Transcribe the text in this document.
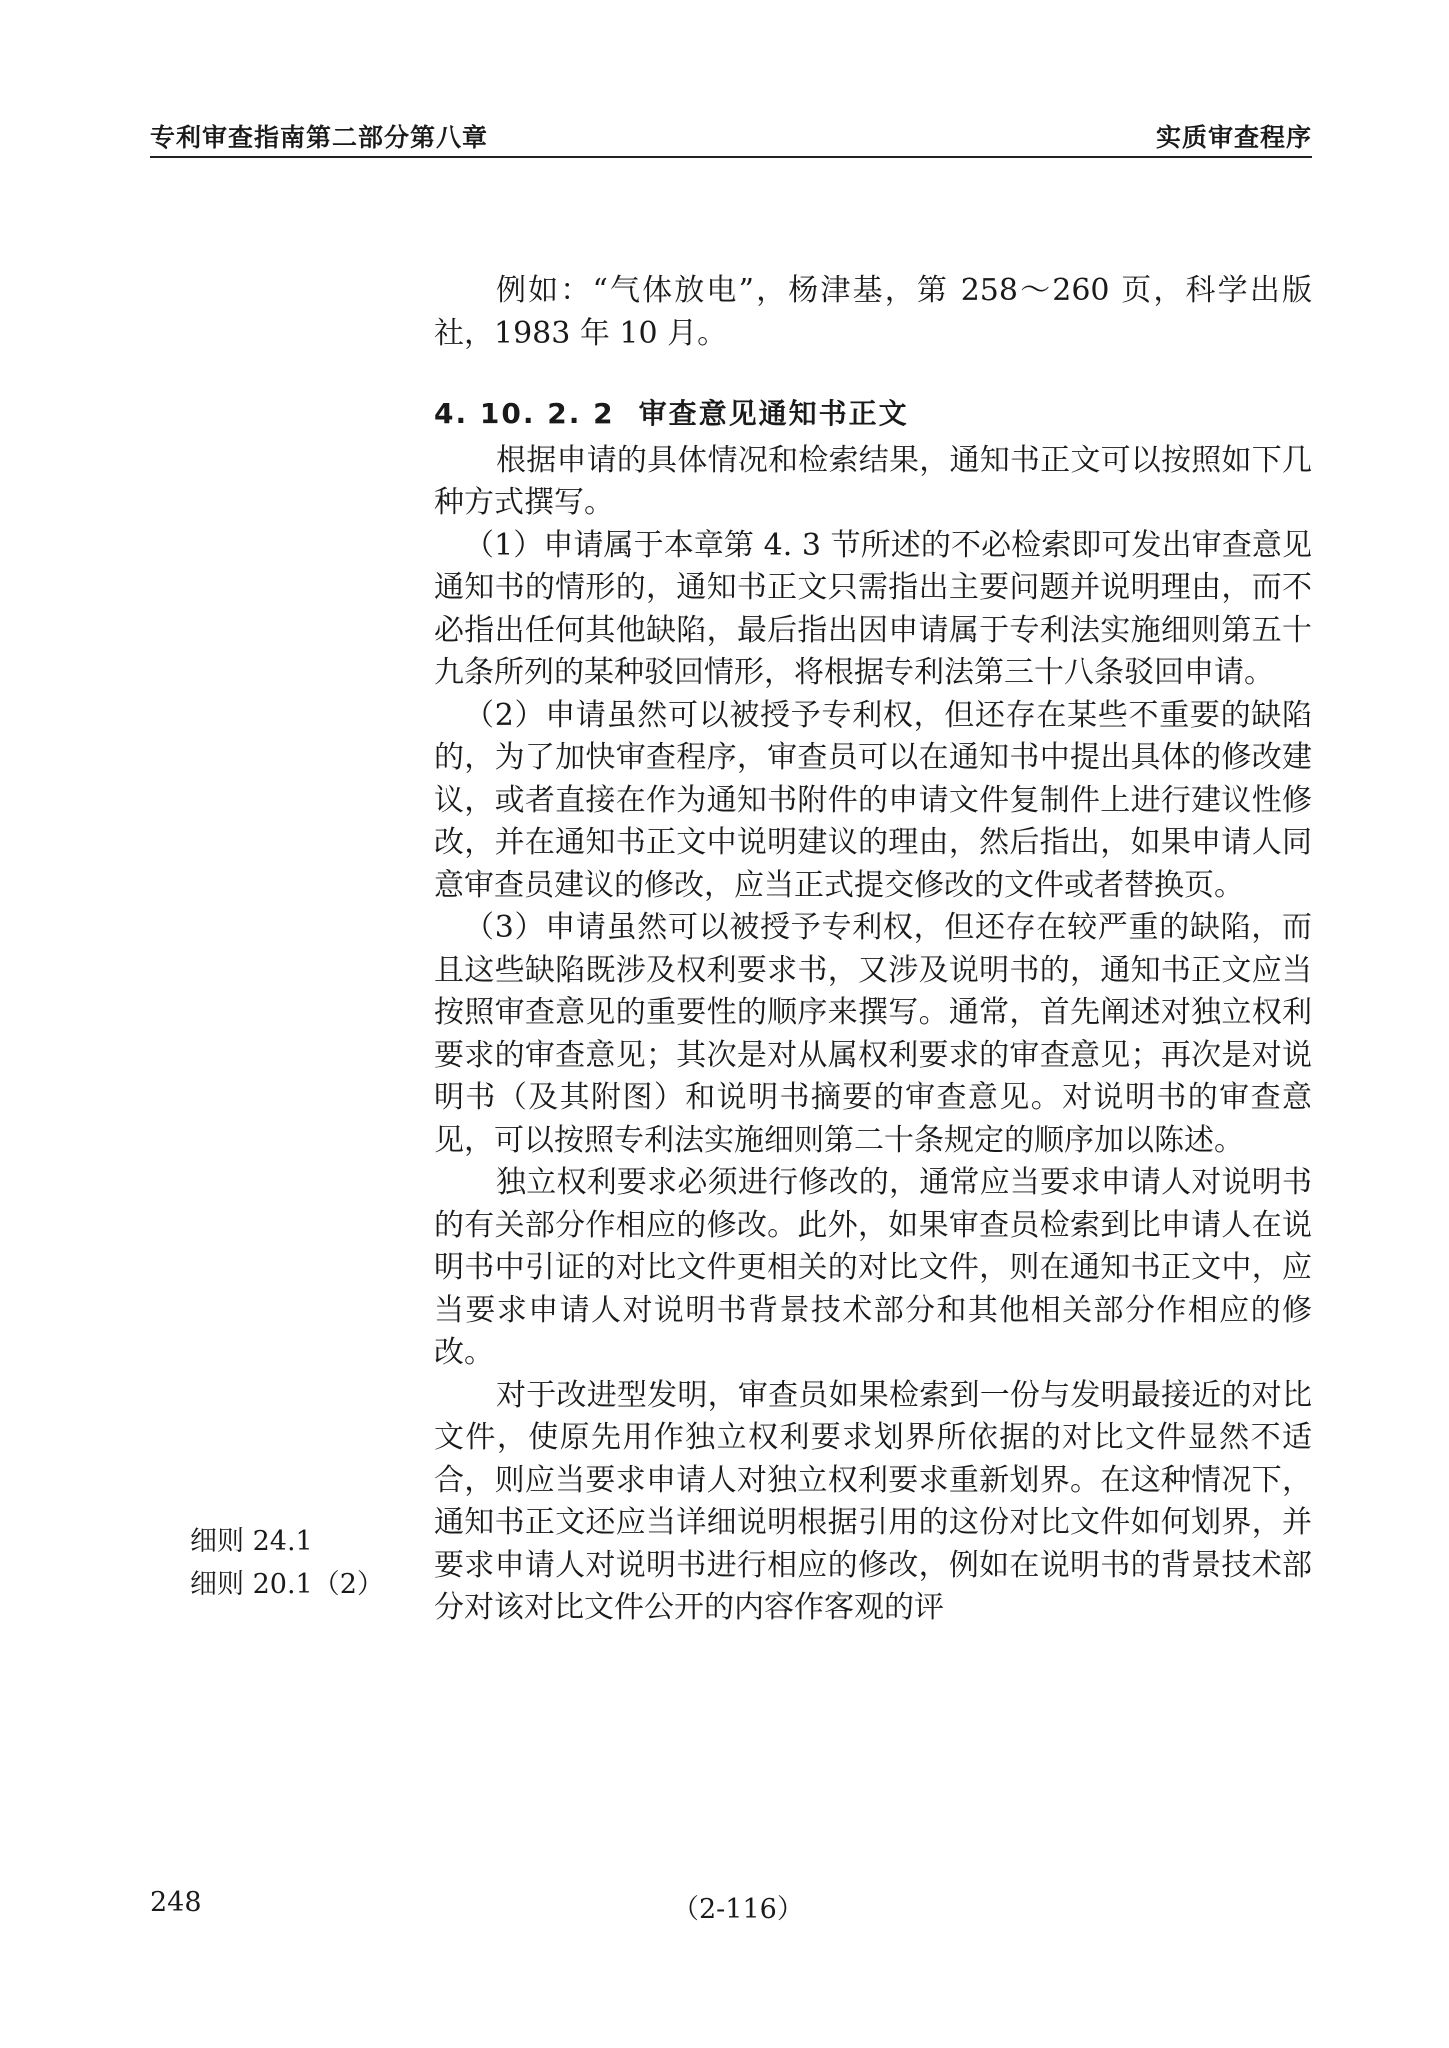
专利审查指南第二部分第八章	实质审查程序

例如：“气体放电”，杨津基，第 258～260 页，科学出版社，1983 年 10 月。

4. 10. 2. 2 审查意见通知书正文

根据申请的具体情况和检索结果，通知书正文可以按照如下几种方式撰写。

（1）申请属于本章第 4. 3 节所述的不必检索即可发出审查意见通知书的情形的，通知书正文只需指出主要问题并说明理由，而不必指出任何其他缺陷，最后指出因申请属于专利法实施细则第五十九条所列的某种驳回情形，将根据专利法第三十八条驳回申请。

（2）申请虽然可以被授予专利权，但还存在某些不重要的缺陷的，为了加快审查程序，审查员可以在通知书中提出具体的修改建议，或者直接在作为通知书附件的申请文件复制件上进行建议性修改，并在通知书正文中说明建议的理由，然后指出，如果申请人同意审查员建议的修改，应当正式提交修改的文件或者替换页。

（3）申请虽然可以被授予专利权，但还存在较严重的缺陷，而且这些缺陷既涉及权利要求书，又涉及说明书的，通知书正文应当按照审查意见的重要性的顺序来撰写。通常，首先阐述对独立权利要求的审查意见；其次是对从属权利要求的审查意见；再次是对说明书（及其附图）和说明书摘要的审查意见。对说明书的审查意见，可以按照专利法实施细则第二十条规定的顺序加以陈述。

独立权利要求必须进行修改的，通常应当要求申请人对说明书的有关部分作相应的修改。此外，如果审查员检索到比申请人在说明书中引证的对比文件更相关的对比文件，则在通知书正文中，应当要求申请人对说明书背景技术部分和其他相关部分作相应的修改。

对于改进型发明，审查员如果检索到一份与发明最接近的对比文件，使原先用作独立权利要求划界所依据的对比文件显然不适合，则应当要求申请人对独立权利要求重新划界。在这种情况下，通知书正文还应当详细说明根据引用的这份对比文件如何划界，并要求申请人对说明书进行相应的修改，例如在说明书的背景技术部分对该对比文件公开的内容作客观的评

细则 24.1
细则 20.1（2）
248	（2-116）
